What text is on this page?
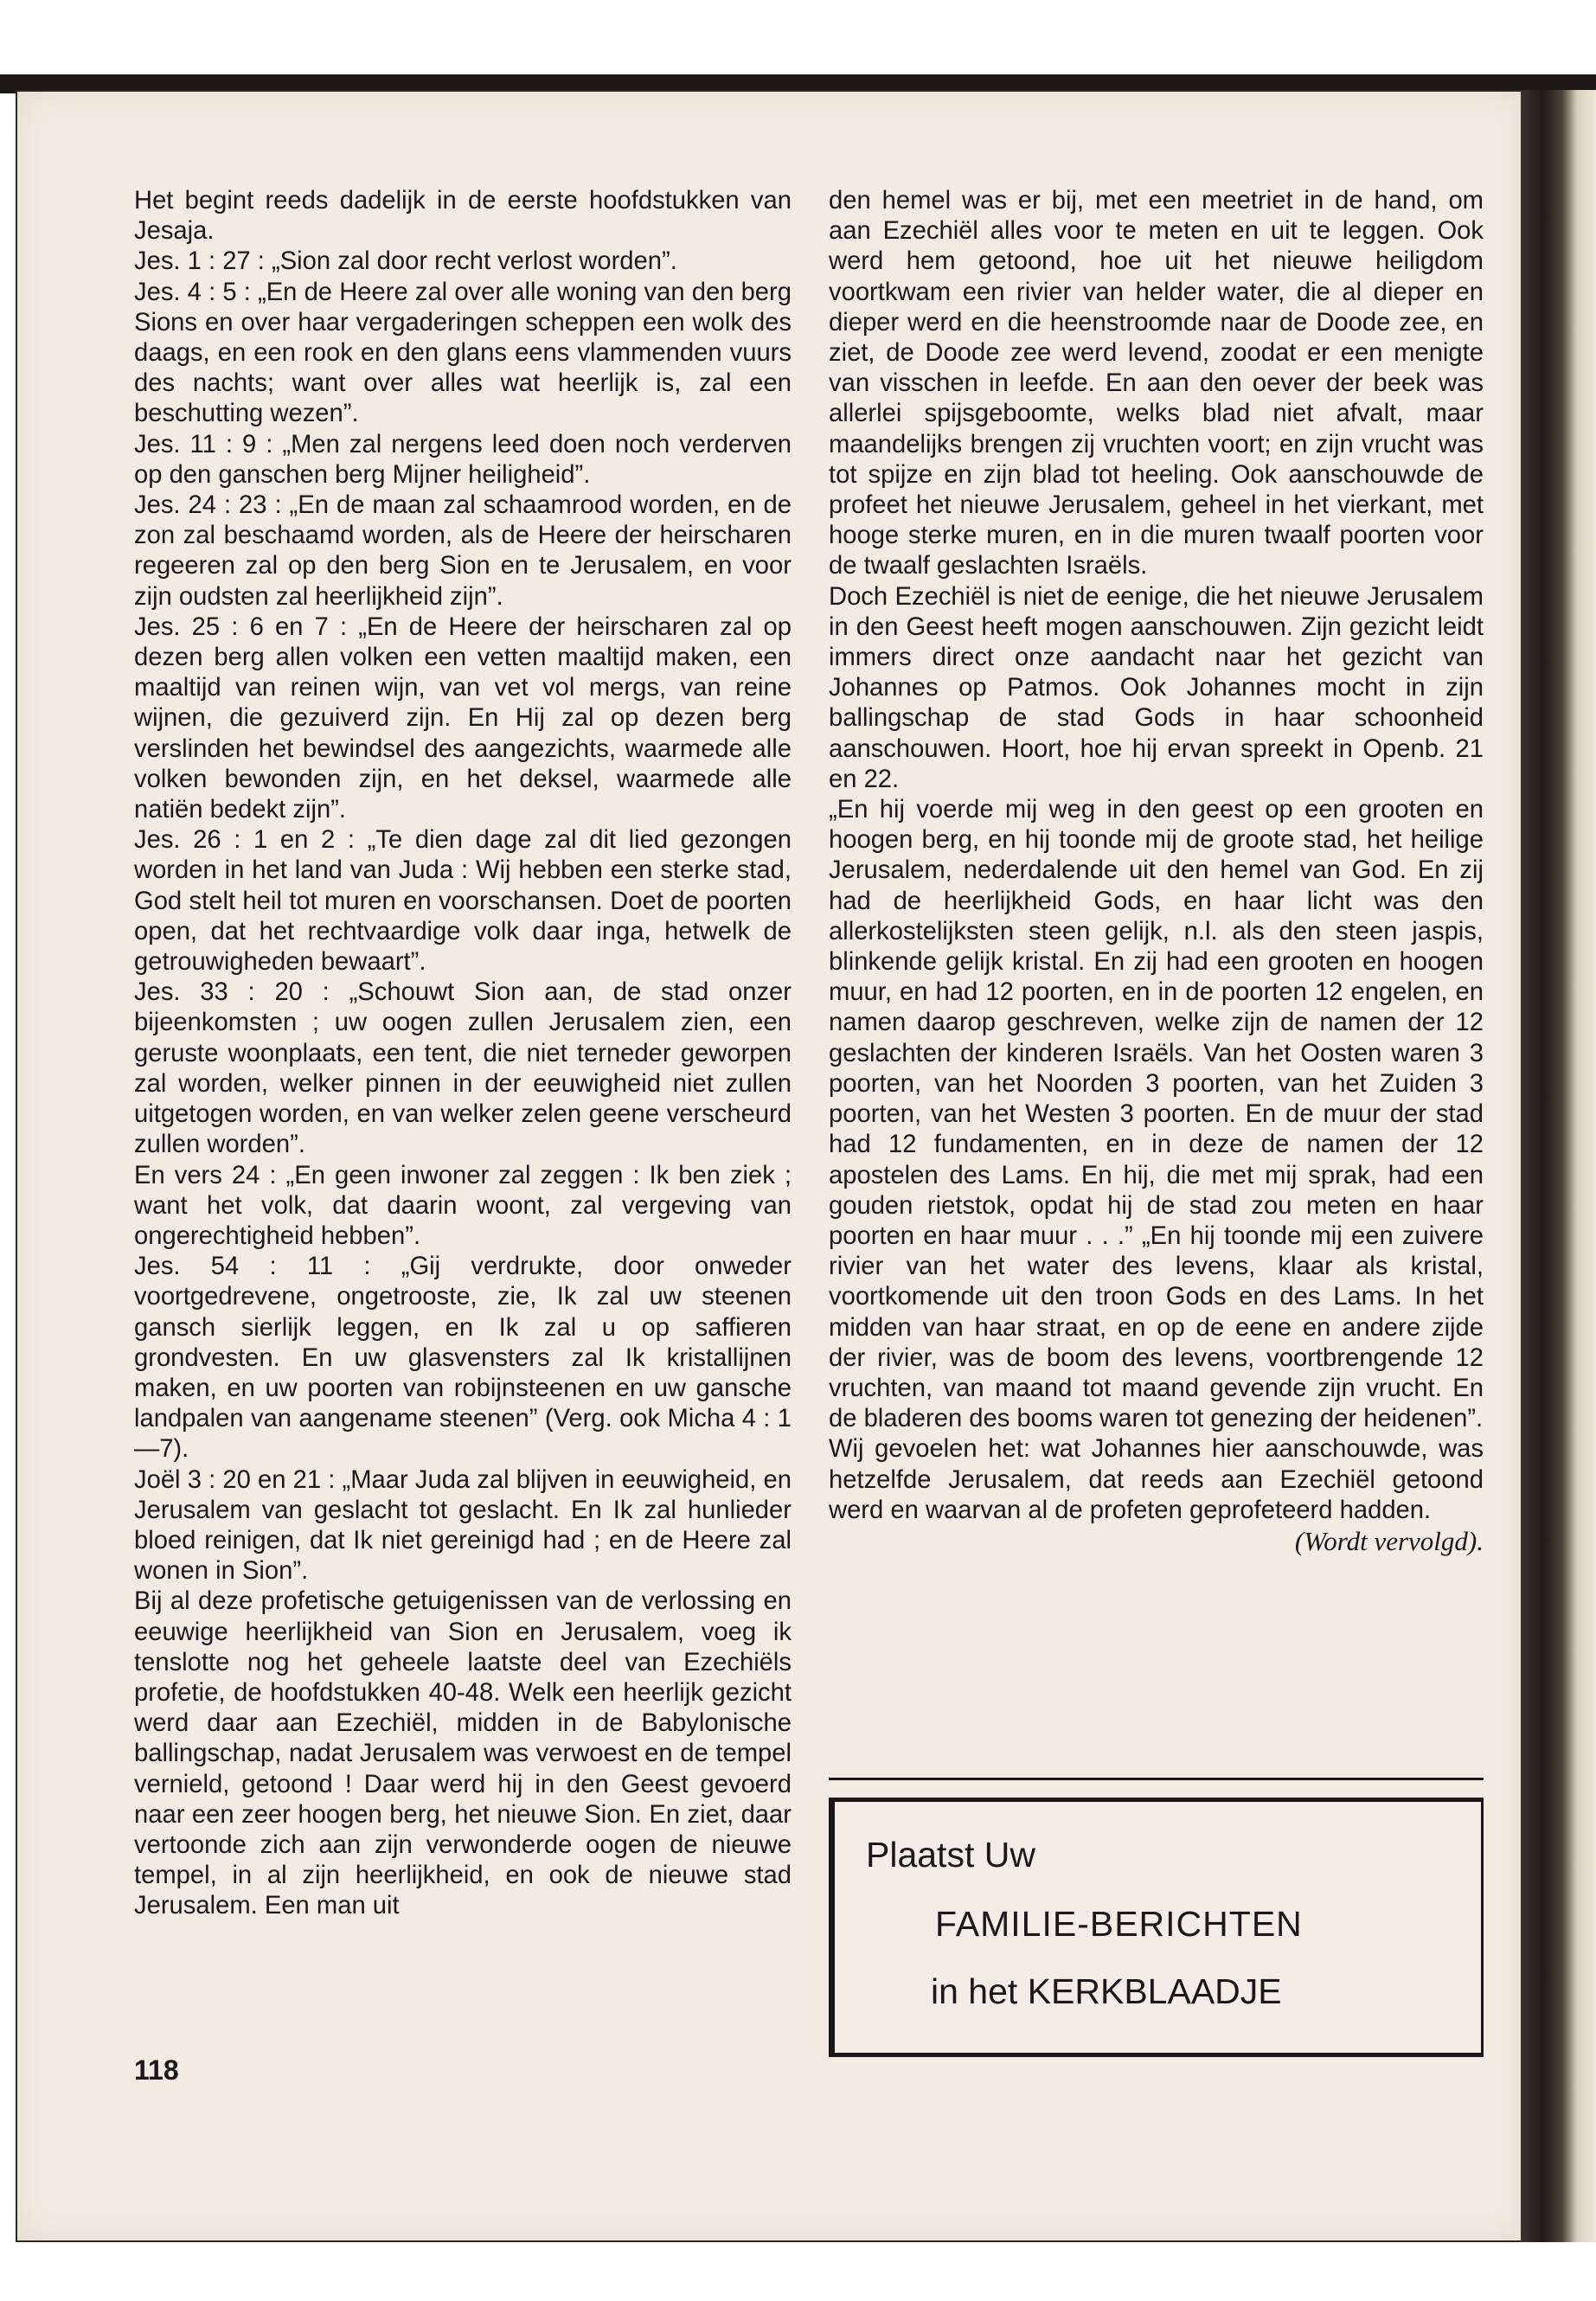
Het begint reeds dadelijk in de eerste hoofdstukken van Jesaja.

Jes. 1 : 27 : „Sion zal door recht verlost worden”.

Jes. 4 : 5 : „En de Heere zal over alle woning van den berg Sions en over haar vergaderingen scheppen een wolk des daags, en een rook en den glans eens vlammenden vuurs des nachts; want over alles wat heerlijk is, zal een beschutting wezen”.

Jes. 11 : 9 : „Men zal nergens leed doen noch verderven op den ganschen berg Mijner heiligheid”.

Jes. 24 : 23 : „En de maan zal schaamrood worden, en de zon zal beschaamd worden, als de Heere der heirscharen regeeren zal op den berg Sion en te Jerusalem, en voor zijn oudsten zal heerlijkheid zijn”.

Jes. 25 : 6 en 7 : „En de Heere der heirscharen zal op dezen berg allen volken een vetten maaltijd maken, een maaltijd van reinen wijn, van vet vol mergs, van reine wijnen, die gezuiverd zijn. En Hij zal op dezen berg verslinden het bewindsel des aangezichts, waarmede alle volken bewonden zijn, en het deksel, waarmede alle natiën bedekt zijn”.

Jes. 26 : 1 en 2 : „Te dien dage zal dit lied gezongen worden in het land van Juda : Wij hebben een sterke stad, God stelt heil tot muren en voorschansen. Doet de poorten open, dat het rechtvaardige volk daar inga, hetwelk de getrouwigheden bewaart”.

Jes. 33 : 20 : „Schouwt Sion aan, de stad onzer bijeenkomsten ; uw oogen zullen Jerusalem zien, een geruste woonplaats, een tent, die niet terneder geworpen zal worden, welker pinnen in der eeuwigheid niet zullen uitgetogen worden, en van welker zelen geene verscheurd zullen worden”.

En vers 24 : „En geen inwoner zal zeggen : Ik ben ziek ; want het volk, dat daarin woont, zal vergeving van ongerechtigheid hebben”.

Jes. 54 : 11 : „Gij verdrukte, door onweder voortgedrevene, ongetrooste, zie, Ik zal uw steenen gansch sierlijk leggen, en Ik zal u op saffieren grondvesten. En uw glasvensters zal Ik kristallijnen maken, en uw poorten van robijnsteenen en uw gansche landpalen van aangename steenen” (Verg. ook Micha 4 : 1—7).

Joël 3 : 20 en 21 : „Maar Juda zal blijven in eeuwigheid, en Jerusalem van geslacht tot geslacht. En Ik zal hunlieder bloed reinigen, dat Ik niet gereinigd had ; en de Heere zal wonen in Sion”.

Bij al deze profetische getuigenissen van de verlossing en eeuwige heerlijkheid van Sion en Jerusalem, voeg ik tenslotte nog het geheele laatste deel van Ezechiëls profetie, de hoofdstukken 40-48. Welk een heerlijk gezicht werd daar aan Ezechiël, midden in de Babylonische ballingschap, nadat Jerusalem was verwoest en de tempel vernield, getoond ! Daar werd hij in den Geest gevoerd naar een zeer hoogen berg, het nieuwe Sion. En ziet, daar vertoonde zich aan zijn verwonderde oogen de nieuwe tempel, in al zijn heerlijkheid, en ook de nieuwe stad Jerusalem. Een man uit

118

den hemel was er bij, met een meetriet in de hand, om aan Ezechiël alles voor te meten en uit te leggen. Ook werd hem getoond, hoe uit het nieuwe heiligdom voortkwam een rivier van helder water, die al dieper en dieper werd en die heenstroomde naar de Doode zee, en ziet, de Doode zee werd levend, zoodat er een menigte van visschen in leefde. En aan den oever der beek was allerlei spijsgeboomte, welks blad niet afvalt, maar maandelijks brengen zij vruchten voort; en zijn vrucht was tot spijze en zijn blad tot heeling. Ook aanschouwde de profeet het nieuwe Jerusalem, geheel in het vierkant, met hooge sterke muren, en in die muren twaalf poorten voor de twaalf geslachten Israëls.

Doch Ezechiël is niet de eenige, die het nieuwe Jerusalem in den Geest heeft mogen aanschouwen. Zijn gezicht leidt immers direct onze aandacht naar het gezicht van Johannes op Patmos. Ook Johannes mocht in zijn ballingschap de stad Gods in haar schoonheid aanschouwen. Hoort, hoe hij ervan spreekt in Openb. 21 en 22.

„En hij voerde mij weg in den geest op een grooten en hoogen berg, en hij toonde mij de groote stad, het heilige Jerusalem, nederdalende uit den hemel van God. En zij had de heerlijkheid Gods, en haar licht was den allerkostelijksten steen gelijk, n.l. als den steen jaspis, blinkende gelijk kristal. En zij had een grooten en hoogen muur, en had 12 poorten, en in de poorten 12 engelen, en namen daarop geschreven, welke zijn de namen der 12 geslachten der kinderen Israëls. Van het Oosten waren 3 poorten, van het Noorden 3 poorten, van het Zuiden 3 poorten, van het Westen 3 poorten. En de muur der stad had 12 fundamenten, en in deze de namen der 12 apostelen des Lams. En hij, die met mij sprak, had een gouden rietstok, opdat hij de stad zou meten en haar poorten en haar muur . . .” „En hij toonde mij een zuivere rivier van het water des levens, klaar als kristal, voortkomende uit den troon Gods en des Lams. In het midden van haar straat, en op de eene en andere zijde der rivier, was de boom des levens, voortbrengende 12 vruchten, van maand tot maand gevende zijn vrucht. En de bladeren des booms waren tot genezing der heidenen”.

Wij gevoelen het: wat Johannes hier aanschouwde, was hetzelfde Jerusalem, dat reeds aan Ezechiël getoond werd en waarvan al de profeten geprofeteerd hadden.

(Wordt vervolgd).

Plaatst Uw
FAMILIE-BERICHTEN
in het KERKBLAADJE
